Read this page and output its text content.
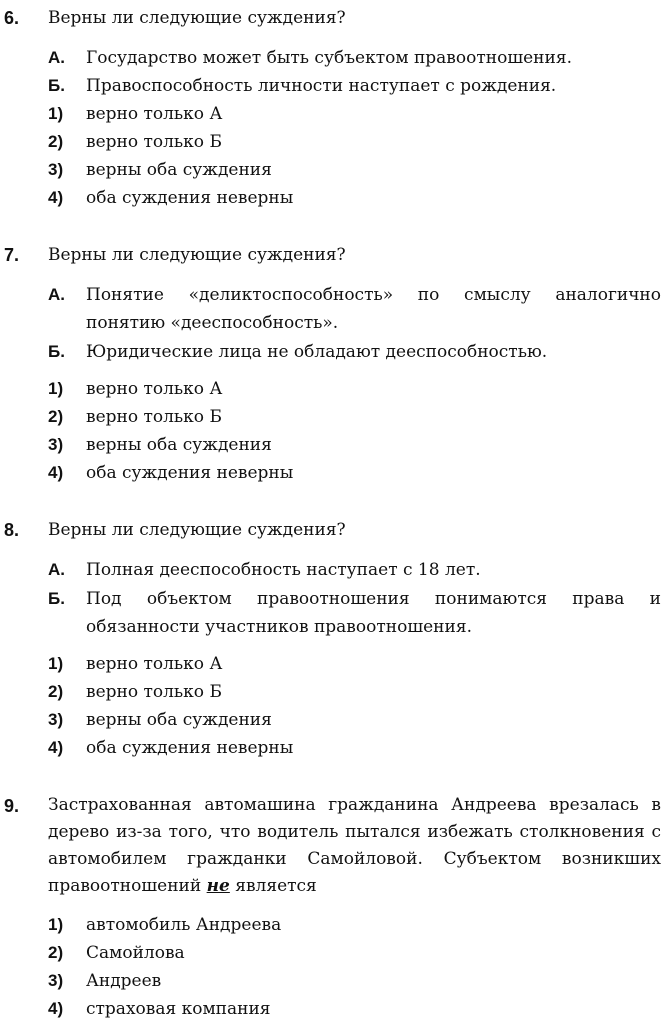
6. Верны ли следующие суждения?
А. Государство может быть субъектом правоотношения.
Б. Правоспособность личности наступает с рождения.
1) верно только А
2) верно только Б
3) верны оба суждения
4) оба суждения неверны
7. Верны ли следующие суждения?
А.	Понятие «деликтоспособность» по смыслу аналогично понятию «дееспособность».
Б. Юридические лица не обладают дееспособностью.
1) верно только А
2) верно только Б
3) верны оба суждения
4) оба суждения неверны
8. Верны ли следующие суждения?
А. Полная дееспособность наступает с 18 лет.
Б.	Под объектом правоотношения понимаются права и обязанности участников правоотношения.
1) верно только А
2) верно только Б
3) верны оба суждения
4) оба суждения неверны
9. Застрахованная автомашина гражданина Андреева врезалась в дерево из-за того, что водитель пытался избежать столкновения с автомобилем гражданки Самойловой. Субъектом возникших правоотношений не является
1) автомобиль Андреева
2) Самойлова
3) Андреев
4) страховая компания
